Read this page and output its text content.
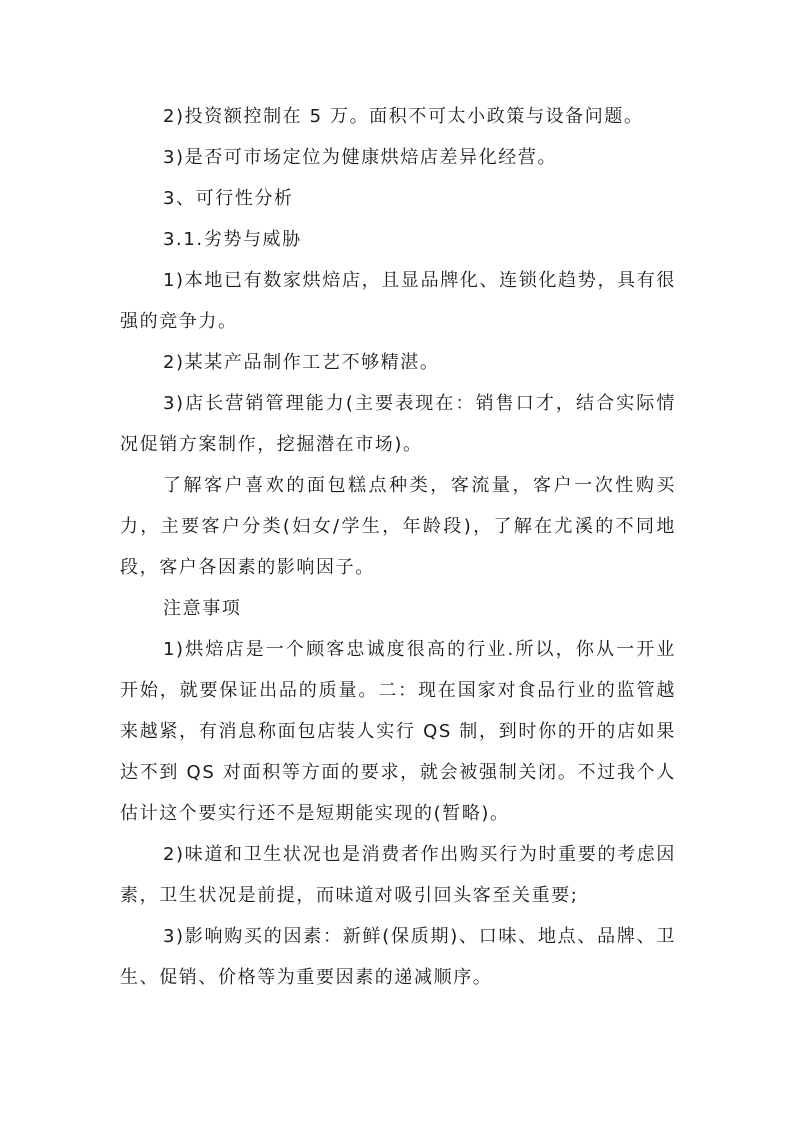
2)投资额控制在 5 万。面积不可太小政策与设备问题。

3)是否可市场定位为健康烘焙店差异化经营。

3、可行性分析

3.1.劣势与威胁

1)本地已有数家烘焙店，且显品牌化、连锁化趋势，具有很强的竞争力。

2)某某产品制作工艺不够精湛。

3)店长营销管理能力(主要表现在：销售口才，结合实际情况促销方案制作，挖掘潜在市场)。

了解客户喜欢的面包糕点种类，客流量，客户一次性购买力，主要客户分类(妇女/学生，年龄段)，了解在尤溪的不同地段，客户各因素的影响因子。

注意事项

1)烘焙店是一个顾客忠诚度很高的行业.所以，你从一开业开始，就要保证出品的质量。二：现在国家对食品行业的监管越来越紧，有消息称面包店装人实行 QS 制，到时你的开的店如果达不到 QS 对面积等方面的要求，就会被强制关闭。不过我个人估计这个要实行还不是短期能实现的(暂略)。

2)味道和卫生状况也是消费者作出购买行为时重要的考虑因素，卫生状况是前提，而味道对吸引回头客至关重要;

3)影响购买的因素：新鲜(保质期)、口味、地点、品牌、卫生、促销、价格等为重要因素的递减顺序。
